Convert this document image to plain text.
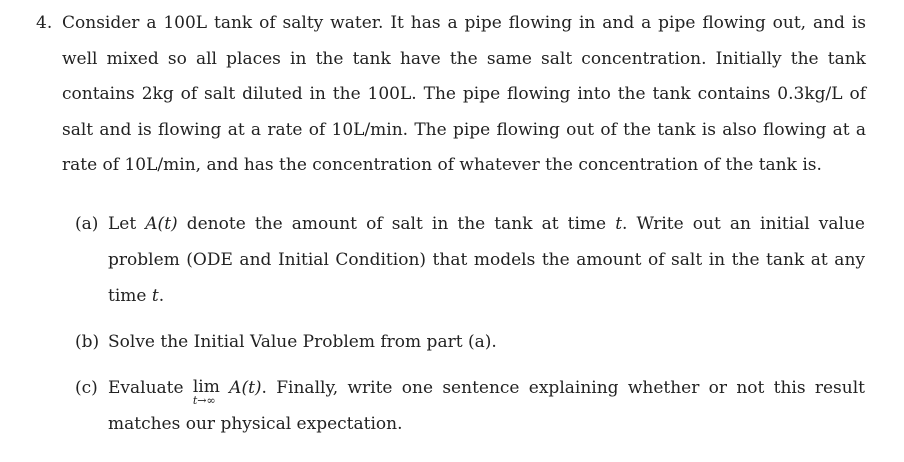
4. Consider a 100L tank of salty water. It has a pipe flowing in and a pipe flowing out, and is well mixed so all places in the tank have the same salt concentration. Initially the tank contains 2kg of salt diluted in the 100L. The pipe flowing into the tank contains 0.3kg/L of salt and is flowing at a rate of 10L/min. The pipe flowing out of the tank is also flowing at a rate of 10L/min, and has the concentration of whatever the concentration of the tank is.
(a) Let A(t) denote the amount of salt in the tank at time t. Write out an initial value problem (ODE and Initial Condition) that models the amount of salt in the tank at any time t.
(b) Solve the Initial Value Problem from part (a).
(c) Evaluate lim
t→∞
A(t). Finally, write one sentence explaining whether or not this result matches our physical expectation.
